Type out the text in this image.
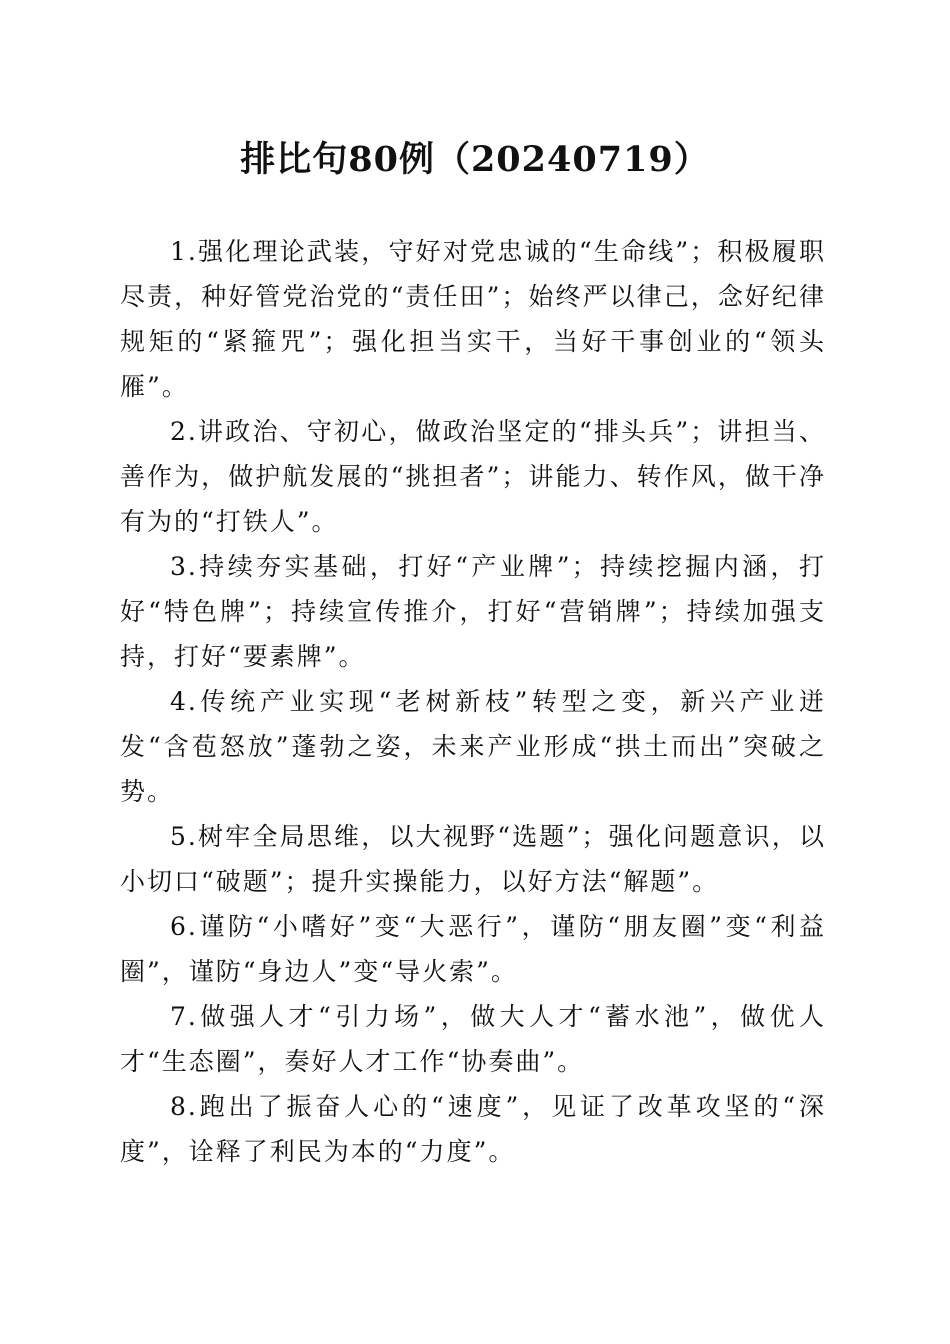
排比句80例（20240719）

1.强化理论武装，守好对党忠诚的“生命线”；积极履职尽责，种好管党治党的“责任田”；始终严以律己，念好纪律规矩的“紧箍咒”；强化担当实干，当好干事创业的“领头雁”。

2.讲政治、守初心，做政治坚定的“排头兵”；讲担当、善作为，做护航发展的“挑担者”；讲能力、转作风，做干净有为的“打铁人”。

3.持续夯实基础，打好“产业牌”；持续挖掘内涵，打好“特色牌”；持续宣传推介，打好“营销牌”；持续加强支持，打好“要素牌”。

4.传统产业实现“老树新枝”转型之变，新兴产业迸发“含苞怒放”蓬勃之姿，未来产业形成“拱土而出”突破之势。

5.树牢全局思维，以大视野“选题”；强化问题意识，以小切口“破题”；提升实操能力，以好方法“解题”。

6.谨防“小嗜好”变“大恶行”，谨防“朋友圈”变“利益圈”，谨防“身边人”变“导火索”。

7.做强人才“引力场”，做大人才“蓄水池”，做优人才“生态圈”，奏好人才工作“协奏曲”。

8.跑出了振奋人心的“速度”，见证了改革攻坚的“深度”，诠释了利民为本的“力度”。
